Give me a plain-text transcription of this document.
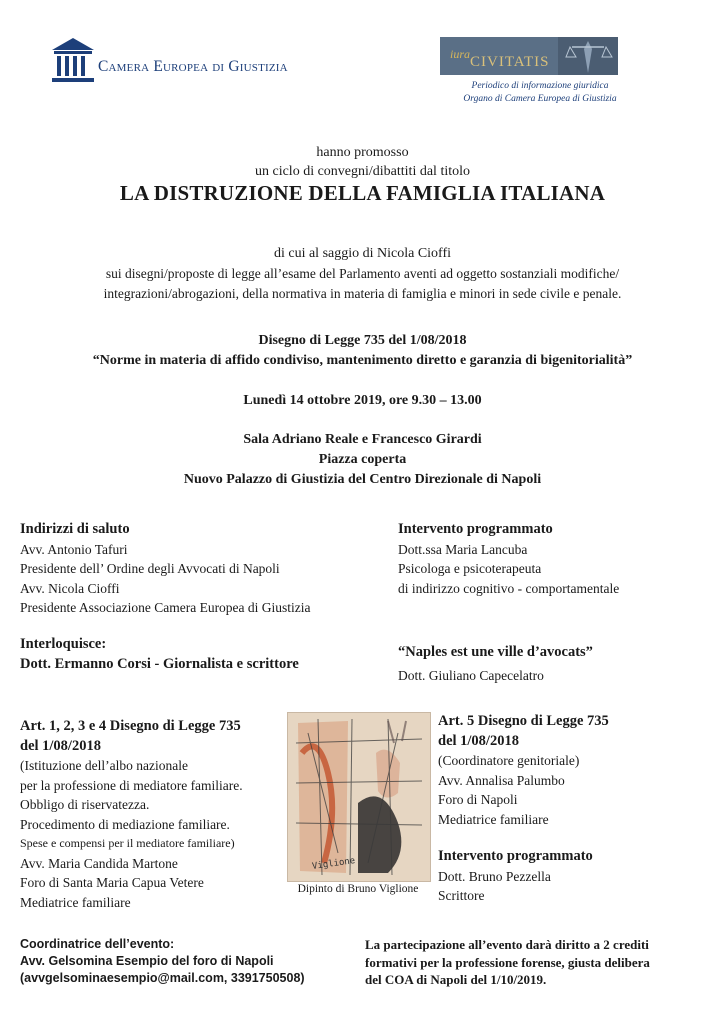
Camera Europea di Giustizia
iura CIVITATIS
Periodico di informazione giuridica
Organo di Camera Europea di Giustizia
hanno promosso
un ciclo di convegni/dibattiti dal titolo
LA DISTRUZIONE DELLA FAMIGLIA ITALIANA
di cui al saggio di Nicola Cioffi
sui disegni/proposte di legge all’esame del Parlamento aventi ad oggetto sostanziali modifiche/
integrazioni/abrogazioni, della normativa in materia di famiglia e minori in sede civile e penale.
Disegno di Legge 735 del 1/08/2018
“Norme in materia di affido condiviso, mantenimento diretto e garanzia di bigenitorialità”
Lunedì 14 ottobre 2019, ore 9.30 – 13.00
Sala Adriano Reale e Francesco Girardi
Piazza coperta
Nuovo Palazzo di Giustizia del Centro Direzionale di Napoli
Indirizzi di saluto
Avv. Antonio Tafuri
Presidente dell’ Ordine degli Avvocati di Napoli
Avv. Nicola Cioffi
Presidente Associazione Camera Europea di Giustizia
Interloquisce:
Dott. Ermanno Corsi - Giornalista e scrittore
Intervento programmato
Dott.ssa Maria Lancuba
Psicologa e psicoterapeuta
di indirizzo cognitivo - comportamentale
“Naples est une ville d’avocats”
Dott. Giuliano Capecelatro
Art. 1, 2, 3 e 4 Disegno di Legge 735
del 1/08/2018
(Istituzione dell’albo nazionale
per la professione di mediatore familiare.
Obbligo di riservatezza.
Procedimento di mediazione familiare.
Spese e compensi per il mediatore familiare)
Avv. Maria Candida Martone
Foro di Santa Maria Capua Vetere
Mediatrice familiare
Viglione
Dipinto di Bruno Viglione
Art. 5 Disegno di Legge 735
del 1/08/2018
(Coordinatore genitoriale)
Avv. Annalisa Palumbo
Foro di Napoli
Mediatrice familiare
Intervento programmato
Dott. Bruno Pezzella
Scrittore
Coordinatrice dell’evento:
Avv. Gelsomina Esempio del foro di Napoli
(avvgelsominaesempio@mail.com, 3391750508)
La partecipazione all’evento darà diritto a 2 crediti
formativi per la professione forense, giusta delibera
del COA di Napoli del 1/10/2019.
